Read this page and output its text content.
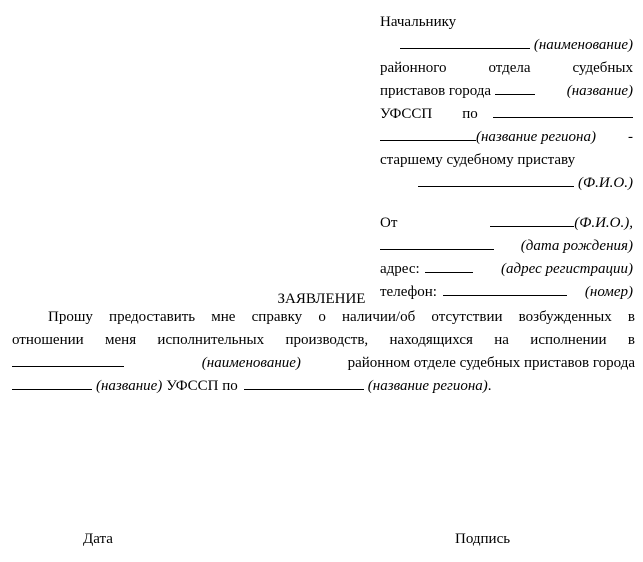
Начальнику
(наименование)
районного отдела судебных
приставов города	(название)
УФССП по
(название региона) -
старшему судебному приставу
(Ф.И.О.)
От	(Ф.И.О.),
(дата рождения)
адрес:	(адрес регистрации)
телефон:	(номер)
ЗАЯВЛЕНИЕ
Прошу предоставить мне справку о наличии/об отсутствии возбужденных в
отношении меня исполнительных производств, находящихся на исполнении в
(наименование)	районном отделе судебных приставов города
(название) УФССП по	(название региона) .
Дата	Подпись
